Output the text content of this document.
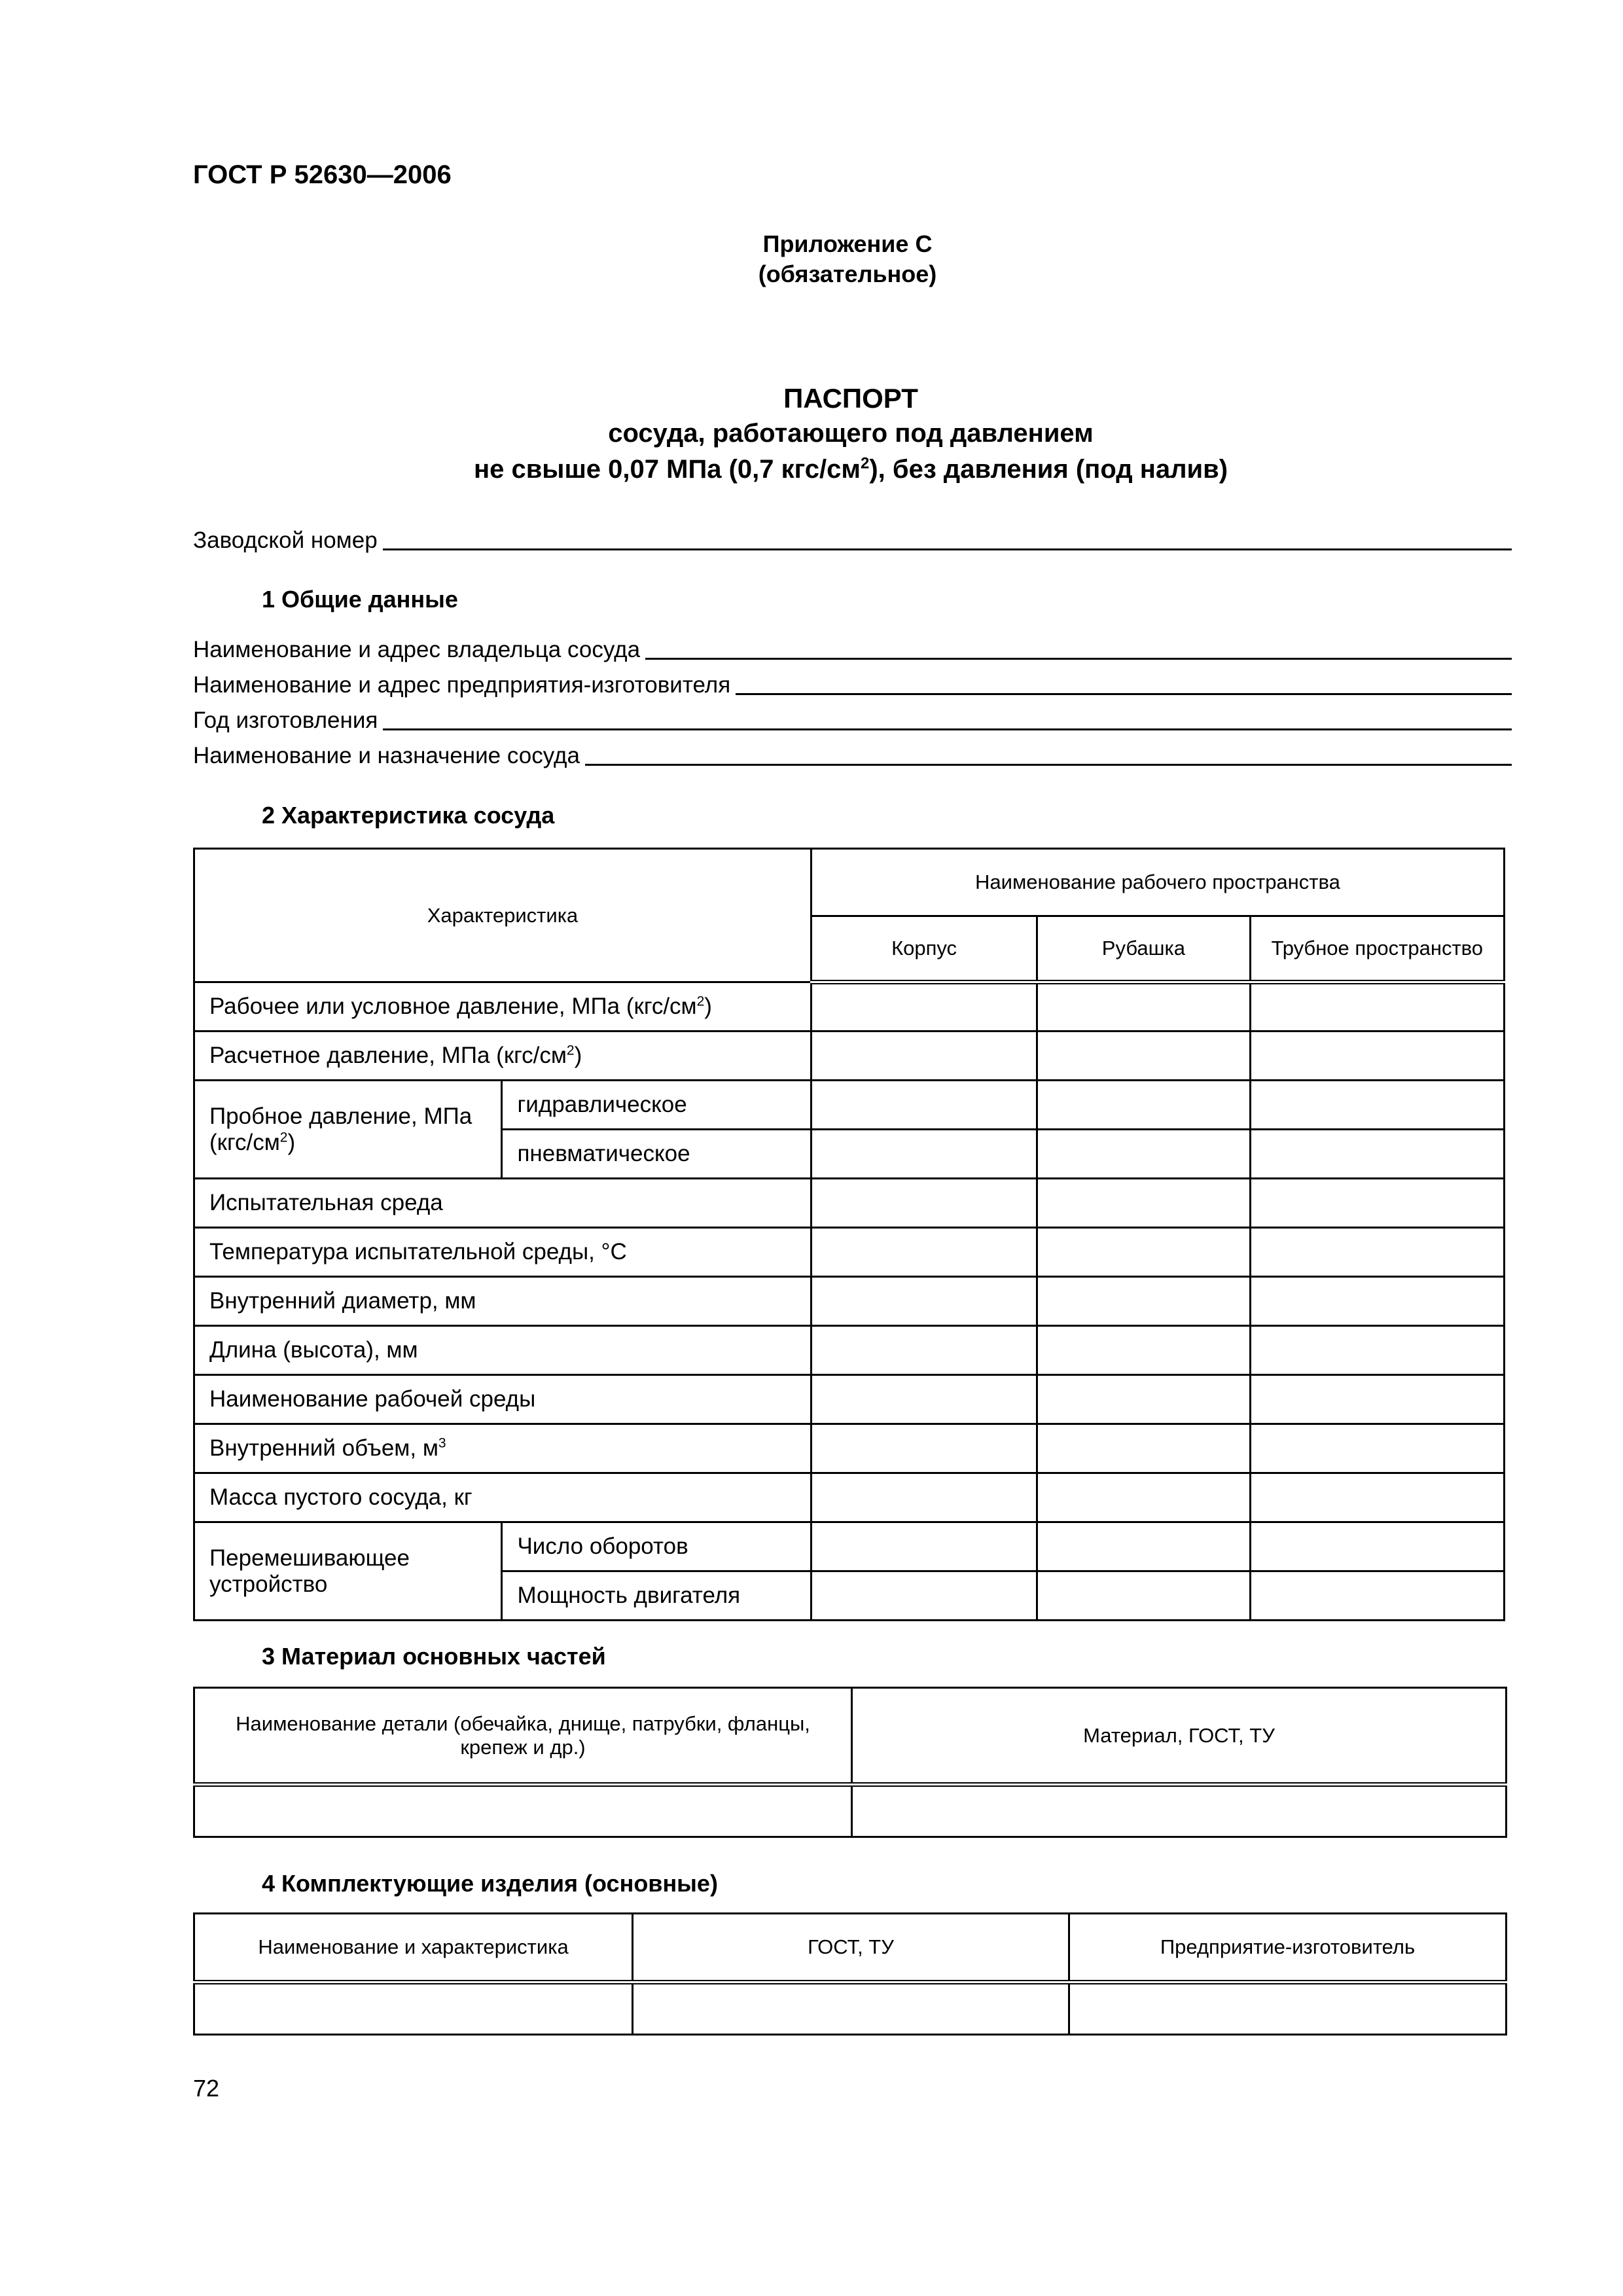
ГОСТ Р 52630—2006
Приложение С
(обязательное)
ПАСПОРТ
сосуда, работающего под давлением
не свыше 0,07 МПа (0,7 кгс/$см^2$), без давления (под налив)
Заводской номер
1 Общие данные
Наименование и адрес владельца сосуда
Наименование и адрес предприятия-изготовителя
Год изготовления
Наименование и назначение сосуда
2 Характеристика сосуда
Характеристика		Наименование рабочего пространства		
		Корпус	Рубашка	Трубное пространство
Рабочее или условное давление, МПа $(кгс/см^2)$				
Расчетное давление, МПа $(кгс/см^2)$				
Пробное давление, МПа $(кгс/см^2)$	гидравлическое			
	пневматическое			
Испытательная среда				
Температура испытательной среды, °С				
Внутренний диаметр, мм				
Длина (высота), мм				
Наименование рабочей среды				
Внутренний объем, $м^3$			
Масса пустого сосуда, кг				
Перемешивающее устройство	Число оборотов			
	Мощность двигателя			
3 Материал основных частей
Наименование детали (обечайка, днище, патрубки, фланцы, крепеж и др.)	Материал, ГОСТ, ТУ

4 Комплектующие изделия (основные)
Наименование и характеристика	ГОСТ, ТУ	Предприятие-изготовитель

72
